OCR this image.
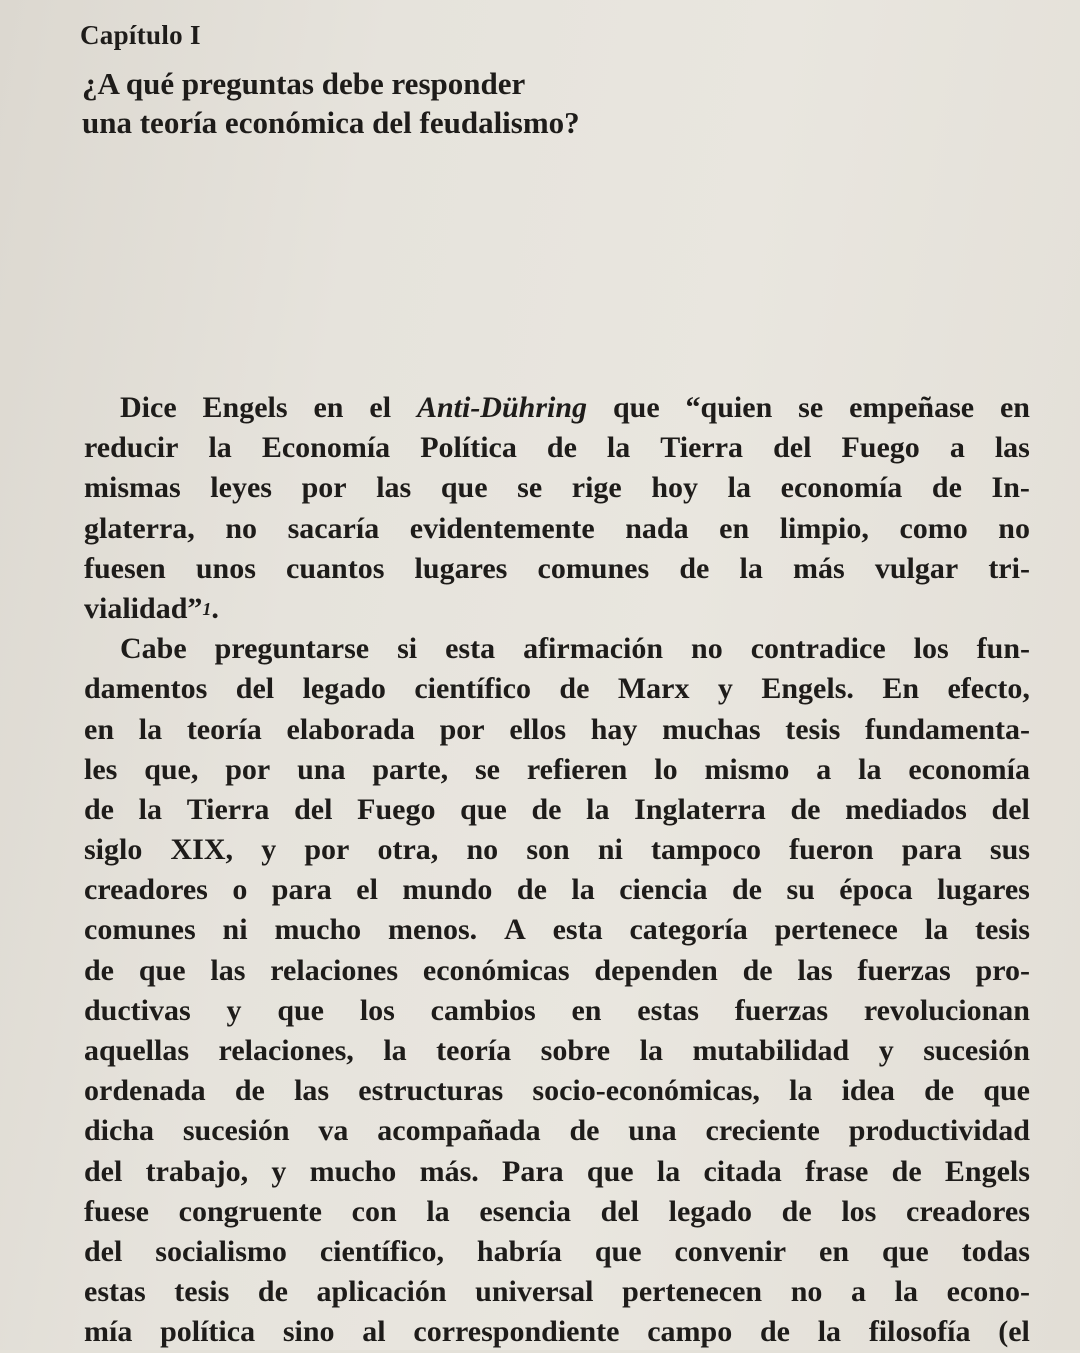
Capítulo I
¿A qué preguntas debe responder
una teoría económica del feudalismo?
Dice Engels en el Anti-Dühring que “quien se empeñase en
reducir la Economía Política de la Tierra del Fuego a las
mismas leyes por las que se rige hoy la economía de In-
glaterra, no sacaría evidentemente nada en limpio, como no
fuesen unos cuantos lugares comunes de la más vulgar tri-
vialidad” 1 .
Cabe preguntarse si esta afirmación no contradice los fun-
damentos del legado científico de Marx y Engels. En efecto,
en la teoría elaborada por ellos hay muchas tesis fundamenta-
les que, por una parte, se refieren lo mismo a la economía
de la Tierra del Fuego que de la Inglaterra de mediados del
siglo XIX, y por otra, no son ni tampoco fueron para sus
creadores o para el mundo de la ciencia de su época lugares
comunes ni mucho menos. A esta categoría pertenece la tesis
de que las relaciones económicas dependen de las fuerzas pro-
ductivas y que los cambios en estas fuerzas revolucionan
aquellas relaciones, la teoría sobre la mutabilidad y sucesión
ordenada de las estructuras socio-económicas, la idea de que
dicha sucesión va acompañada de una creciente productividad
del trabajo, y mucho más. Para que la citada frase de Engels
fuese congruente con la esencia del legado de los creadores
del socialismo científico, habría que convenir en que todas
estas tesis de aplicación universal pertenecen no a la econo-
mía política sino al correspondiente campo de la filosofía (el
